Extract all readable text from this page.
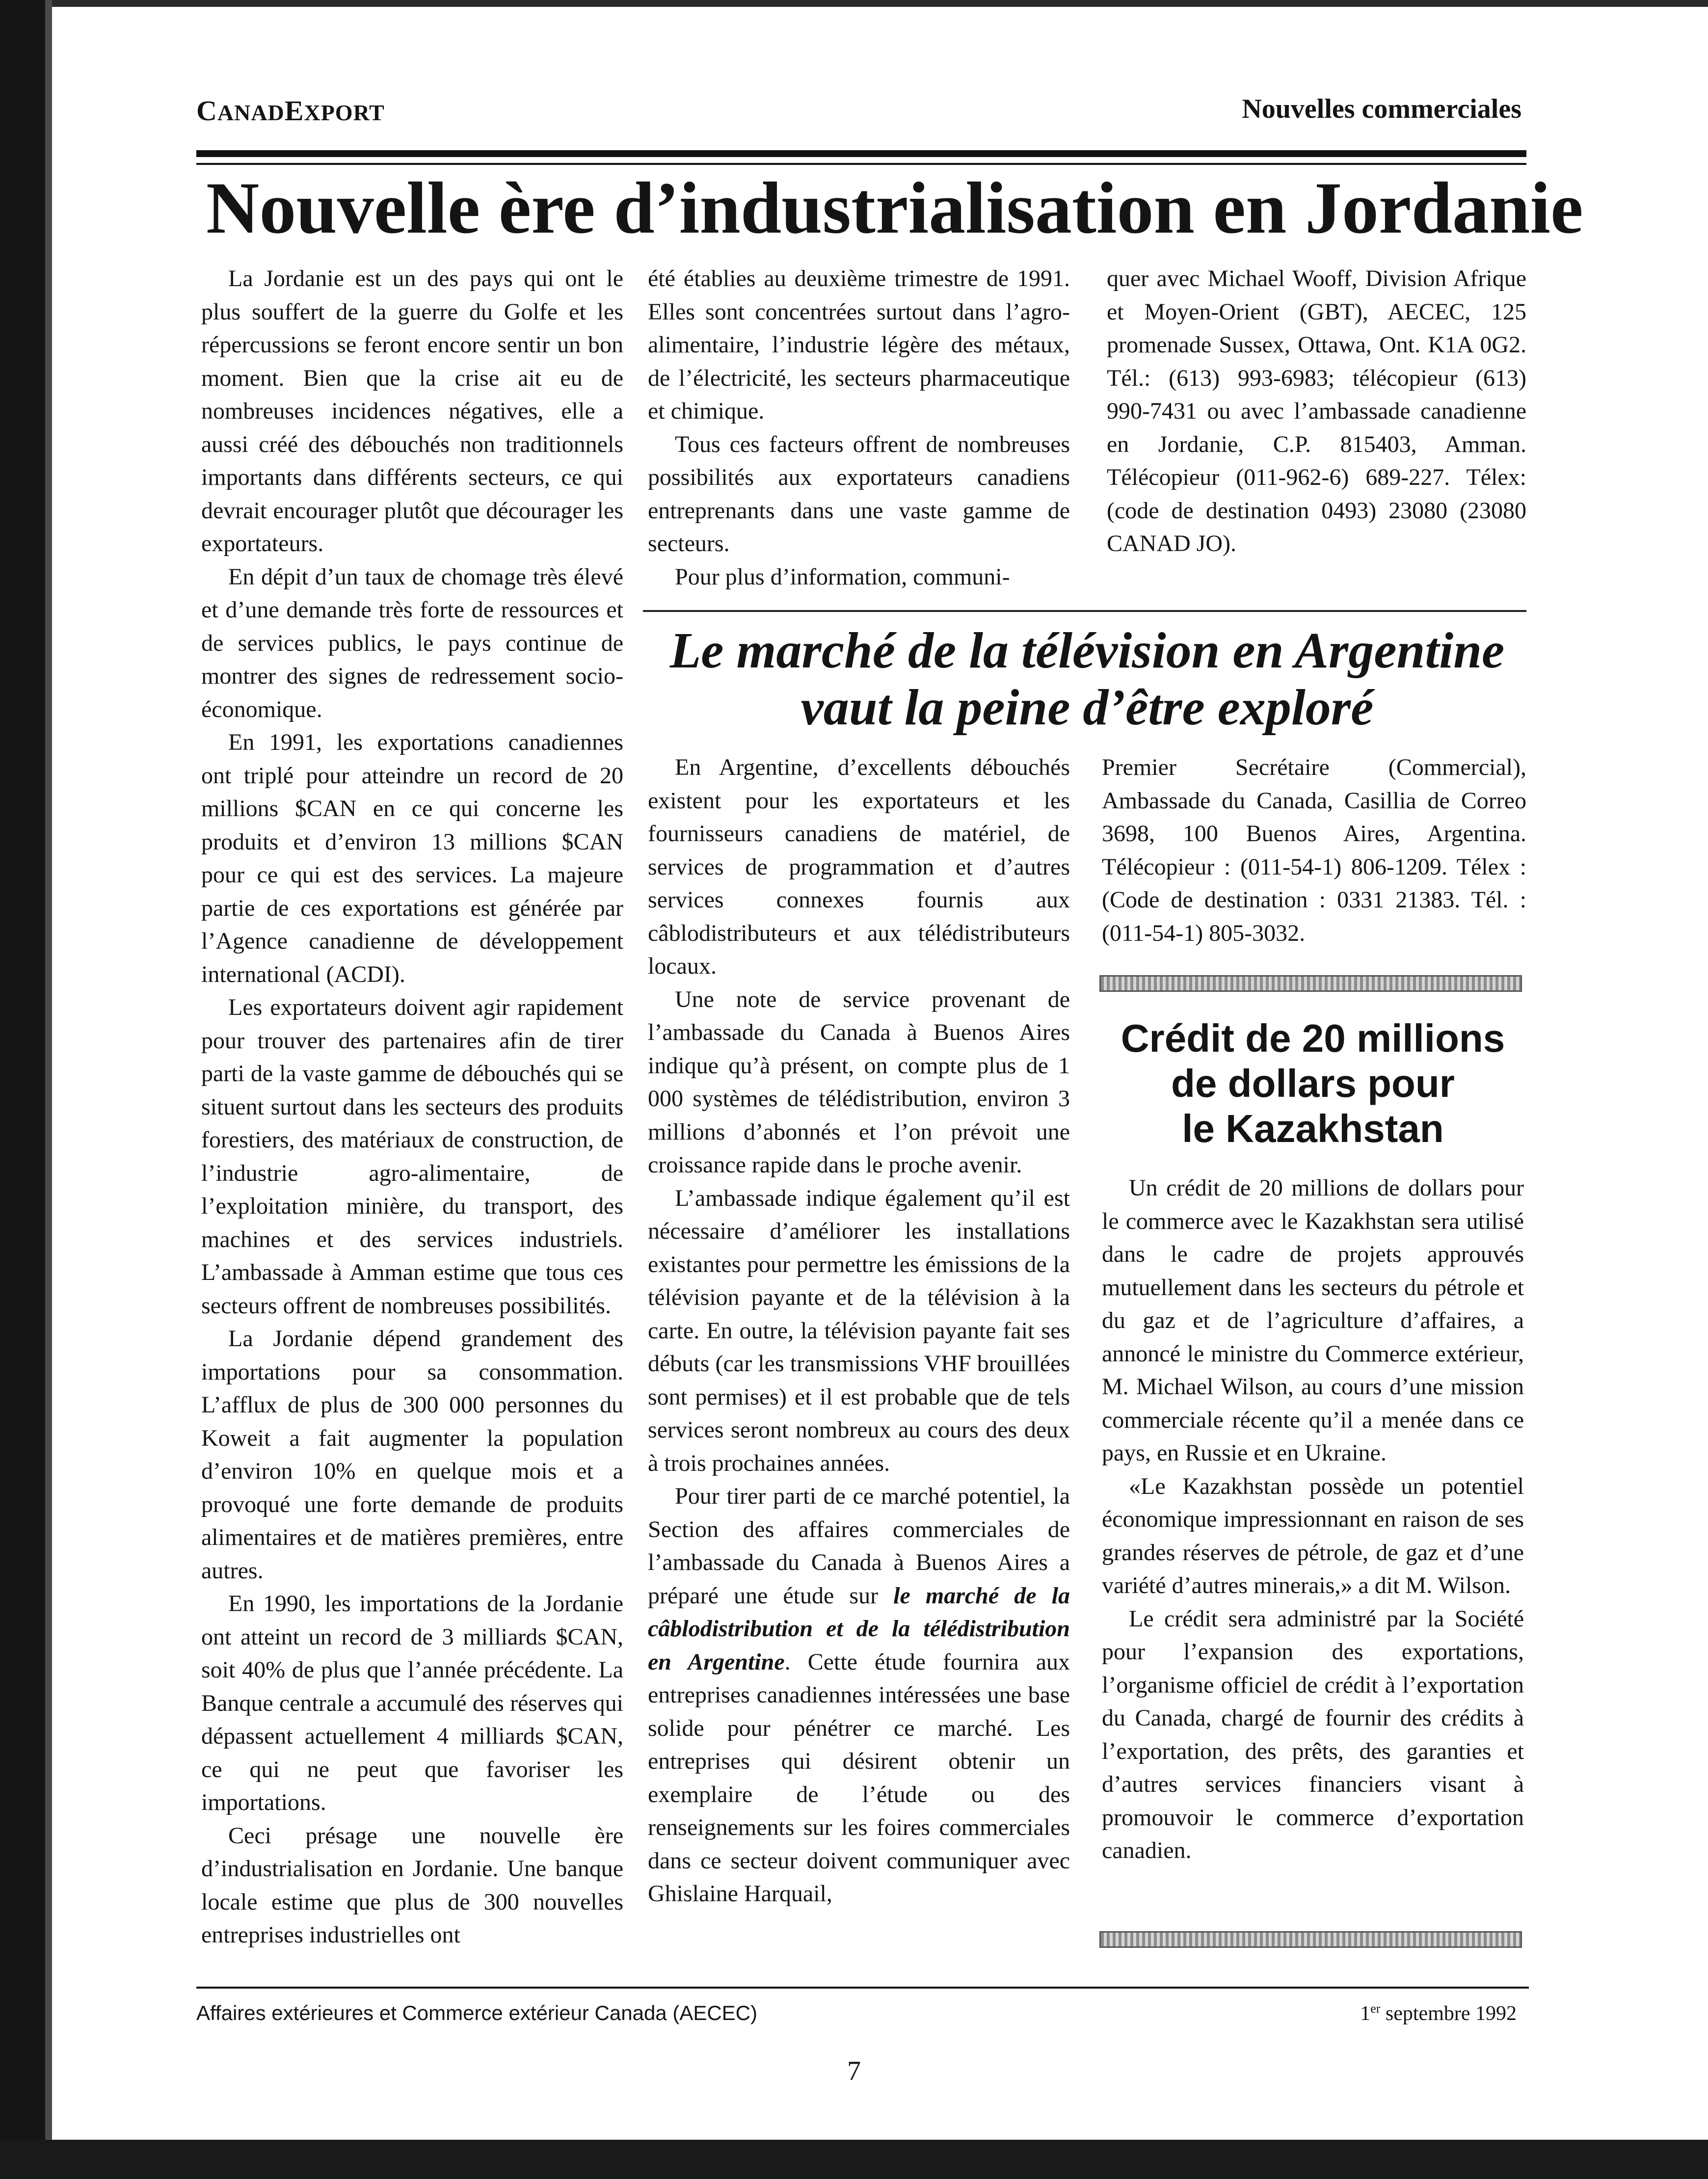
CANADEXPORT	Nouvelles commerciales
Nouvelle ère d’industrialisation en Jordanie

La Jordanie est un des pays qui ont le plus souffert de la guerre du Golfe et les répercussions se feront encore sentir un bon moment. Bien que la crise ait eu de nombreuses incidences négatives, elle a aussi créé des débouchés non traditionnels importants dans différents secteurs, ce qui devrait encourager plutôt que décourager les exportateurs.

En dépit d’un taux de chomage très élevé et d’une demande très forte de ressources et de services publics, le pays continue de montrer des signes de redressement socio-économique.

En 1991, les exportations canadiennes ont triplé pour atteindre un record de 20 millions $CAN en ce qui concerne les produits et d’environ 13 millions $CAN pour ce qui est des services. La majeure partie de ces exportations est générée par l’Agence canadienne de développement international (ACDI).

Les exportateurs doivent agir rapidement pour trouver des partenaires afin de tirer parti de la vaste gamme de débouchés qui se situent surtout dans les secteurs des produits forestiers, des matériaux de construction, de l’industrie agro-alimentaire, de l’exploitation minière, du transport, des machines et des services industriels. L’ambassade à Amman estime que tous ces secteurs offrent de nombreuses possibilités.

La Jordanie dépend grandement des importations pour sa consommation. L’afflux de plus de 300 000 personnes du Koweit a fait augmenter la population d’environ 10% en quelque mois et a provoqué une forte demande de produits alimentaires et de matières premières, entre autres.

En 1990, les importations de la Jordanie ont atteint un record de 3 milliards $CAN, soit 40% de plus que l’année précédente. La Banque centrale a accumulé des réserves qui dépassent actuellement 4 milliards $CAN, ce qui ne peut que favoriser les importations.

Ceci présage une nouvelle ère d’industrialisation en Jordanie. Une banque locale estime que plus de 300 nouvelles entreprises industrielles ont

été établies au deuxième trimestre de 1991. Elles sont concentrées surtout dans l’agro-alimentaire, l’industrie légère des métaux, de l’électricité, les secteurs pharmaceutique et chimique.

Tous ces facteurs offrent de nombreuses possibilités aux exportateurs canadiens entreprenants dans une vaste gamme de secteurs.

Pour plus d’information, communi-

quer avec Michael Wooff, Division Afrique et Moyen-Orient (GBT), AECEC, 125 promenade Sussex, Ottawa, Ont. K1A 0G2. Tél.: (613) 993-6983; télécopieur (613) 990-7431 ou avec l’ambassade canadienne en Jordanie, C.P. 815403, Amman. Télécopieur (011-962-6) 689-227. Télex: (code de destination 0493) 23080 (23080 CANAD JO).

Le marché de la télévision en Argentine
vaut la peine d’être exploré

En Argentine, d’excellents débouchés existent pour les exportateurs et les fournisseurs canadiens de matériel, de services de programmation et d’autres services connexes fournis aux câblodistributeurs et aux télédistributeurs locaux.

Une note de service provenant de l’ambassade du Canada à Buenos Aires indique qu’à présent, on compte plus de 1 000 systèmes de télédistribution, environ 3 millions d’abonnés et l’on prévoit une croissance rapide dans le proche avenir.

L’ambassade indique également qu’il est nécessaire d’améliorer les installations existantes pour permettre les émissions de la télévision payante et de la télévision à la carte. En outre, la télévision payante fait ses débuts (car les transmissions VHF brouillées sont permises) et il est probable que de tels services seront nombreux au cours des deux à trois prochaines années.

Pour tirer parti de ce marché potentiel, la Section des affaires commerciales de l’ambassade du Canada à Buenos Aires a préparé une étude sur le marché de la câblodistribution et de la télédistribution en Argentine. Cette étude fournira aux entreprises canadiennes intéressées une base solide pour pénétrer ce marché. Les entreprises qui désirent obtenir un exemplaire de l’étude ou des renseignements sur les foires commerciales dans ce secteur doivent communiquer avec Ghislaine Harquail,

Premier Secrétaire (Commercial), Ambassade du Canada, Casillia de Correo 3698, 100 Buenos Aires, Argentina. Télécopieur : (011-54-1) 806-1209. Télex : (Code de destination : 0331 21383. Tél. : (011-54-1) 805-3032.

Crédit de 20 millions
de dollars pour
le Kazakhstan

Un crédit de 20 millions de dollars pour le commerce avec le Kazakhstan sera utilisé dans le cadre de projets approuvés mutuellement dans les secteurs du pétrole et du gaz et de l’agriculture d’affaires, a annoncé le ministre du Commerce extérieur, M. Michael Wilson, au cours d’une mission commerciale récente qu’il a menée dans ce pays, en Russie et en Ukraine.

«Le Kazakhstan possède un potentiel économique impressionnant en raison de ses grandes réserves de pétrole, de gaz et d’une variété d’autres minerais,» a dit M. Wilson.

Le crédit sera administré par la Société pour l’expansion des exportations, l’organisme officiel de crédit à l’exportation du Canada, chargé de fournir des crédits à l’exportation, des prêts, des garanties et d’autres services financiers visant à promouvoir le commerce d’exportation canadien.

Affaires extérieures et Commerce extérieur Canada (AECEC)	1er septembre 1992
7
